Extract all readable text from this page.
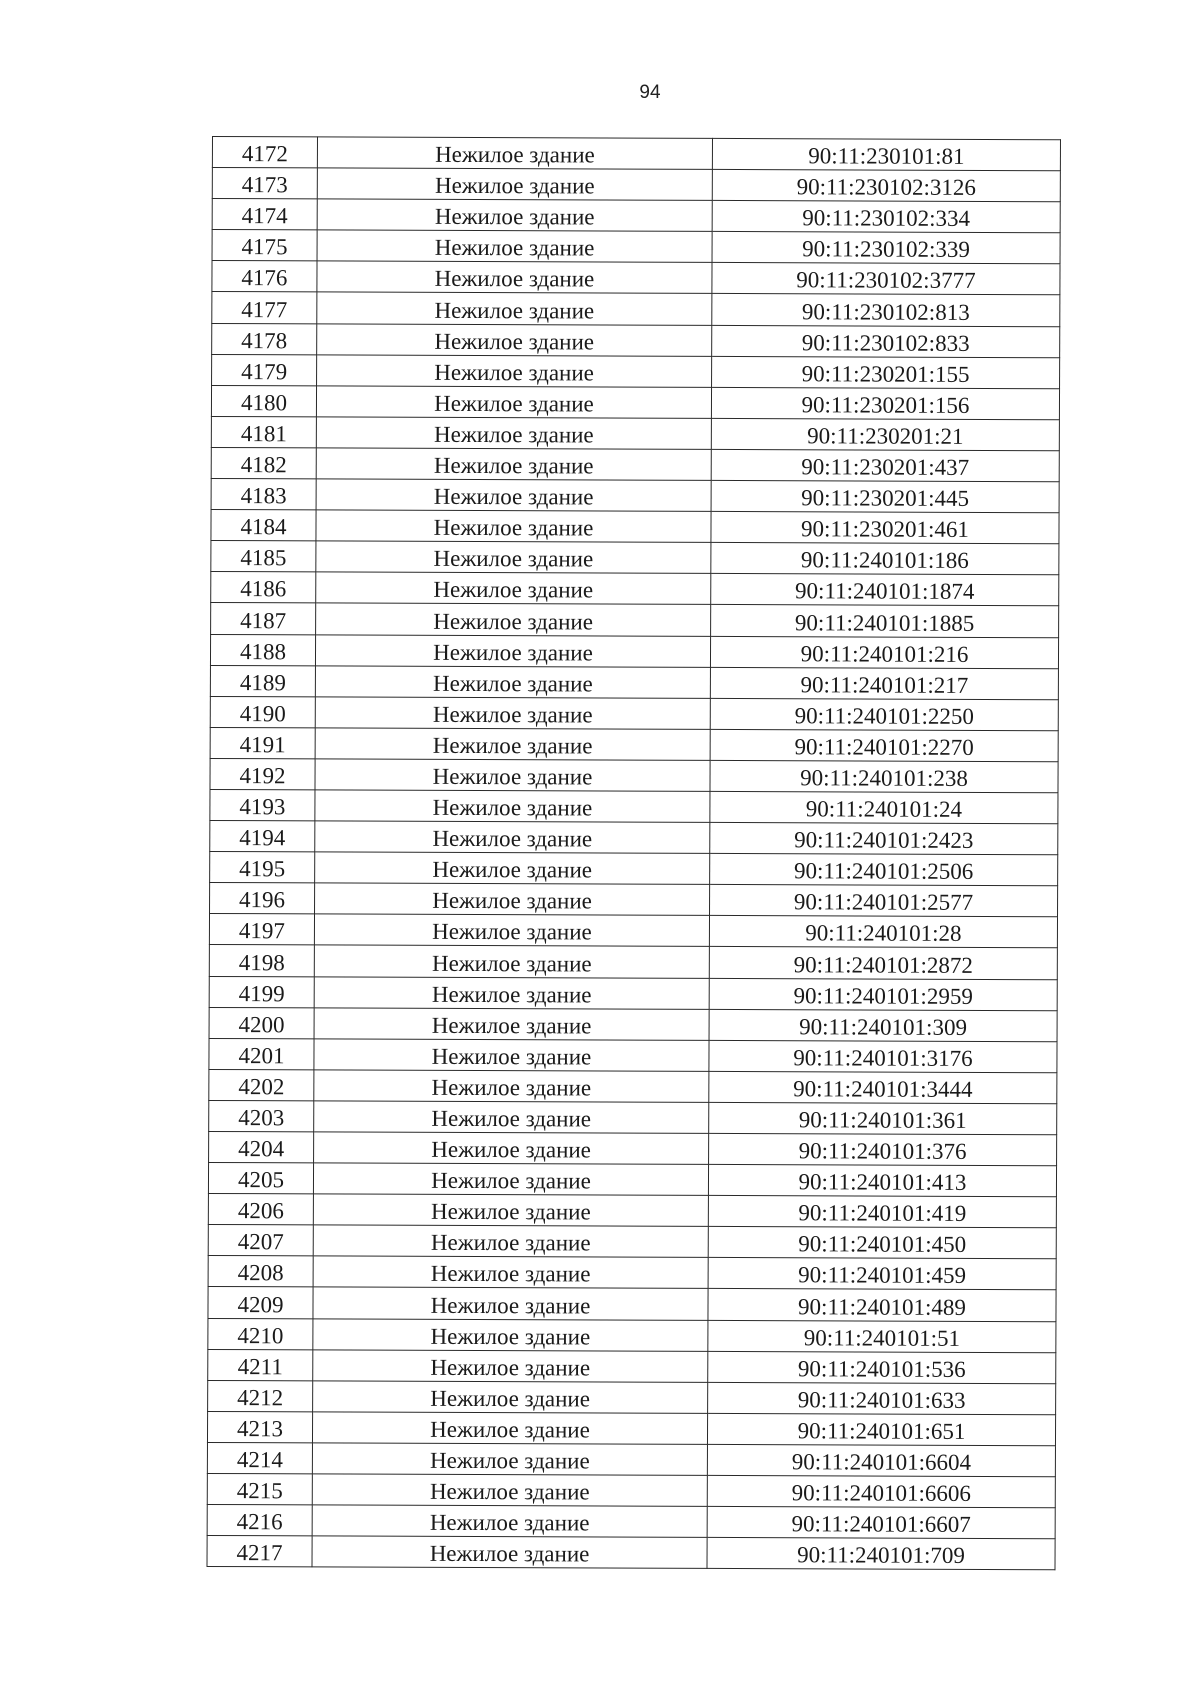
94
4172	Нежилое здание	90:11:230101:81
4173	Нежилое здание	90:11:230102:3126
4174	Нежилое здание	90:11:230102:334
4175	Нежилое здание	90:11:230102:339
4176	Нежилое здание	90:11:230102:3777
4177	Нежилое здание	90:11:230102:813
4178	Нежилое здание	90:11:230102:833
4179	Нежилое здание	90:11:230201:155
4180	Нежилое здание	90:11:230201:156
4181	Нежилое здание	90:11:230201:21
4182	Нежилое здание	90:11:230201:437
4183	Нежилое здание	90:11:230201:445
4184	Нежилое здание	90:11:230201:461
4185	Нежилое здание	90:11:240101:186
4186	Нежилое здание	90:11:240101:1874
4187	Нежилое здание	90:11:240101:1885
4188	Нежилое здание	90:11:240101:216
4189	Нежилое здание	90:11:240101:217
4190	Нежилое здание	90:11:240101:2250
4191	Нежилое здание	90:11:240101:2270
4192	Нежилое здание	90:11:240101:238
4193	Нежилое здание	90:11:240101:24
4194	Нежилое здание	90:11:240101:2423
4195	Нежилое здание	90:11:240101:2506
4196	Нежилое здание	90:11:240101:2577
4197	Нежилое здание	90:11:240101:28
4198	Нежилое здание	90:11:240101:2872
4199	Нежилое здание	90:11:240101:2959
4200	Нежилое здание	90:11:240101:309
4201	Нежилое здание	90:11:240101:3176
4202	Нежилое здание	90:11:240101:3444
4203	Нежилое здание	90:11:240101:361
4204	Нежилое здание	90:11:240101:376
4205	Нежилое здание	90:11:240101:413
4206	Нежилое здание	90:11:240101:419
4207	Нежилое здание	90:11:240101:450
4208	Нежилое здание	90:11:240101:459
4209	Нежилое здание	90:11:240101:489
4210	Нежилое здание	90:11:240101:51
4211	Нежилое здание	90:11:240101:536
4212	Нежилое здание	90:11:240101:633
4213	Нежилое здание	90:11:240101:651
4214	Нежилое здание	90:11:240101:6604
4215	Нежилое здание	90:11:240101:6606
4216	Нежилое здание	90:11:240101:6607
4217	Нежилое здание	90:11:240101:709
